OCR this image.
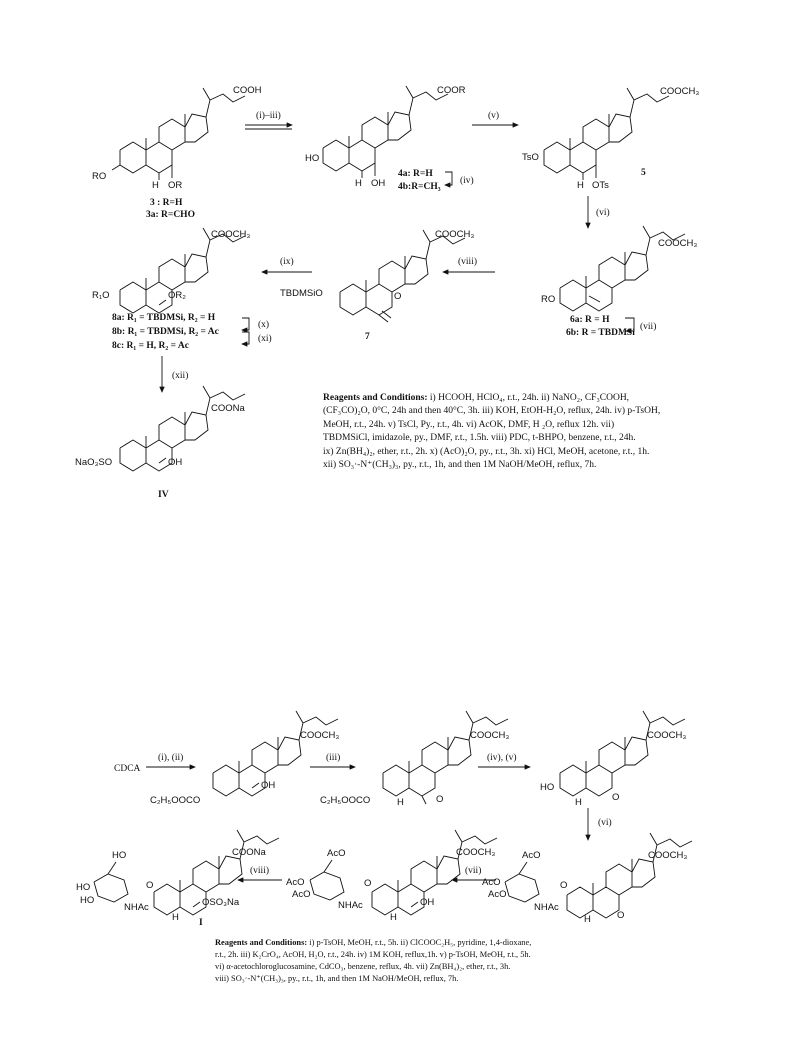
COOH
RO
H OR
3 : R=H
3a: R=CHO
(i)–iii)
COOR
HO
H OH
4a: R=H
4b:R=CH₃
(iv)
(v)
COOCH₃
TsO
H OTs
5
(vi)
COOCH₃
RO
6a: R = H
6b: R = TBDMSi
(vii)
(viii)
COOCH₃
TBDMSiO	O
7
(ix)
COOCH₃
R₁O	OR₂
8a: R₁ = TBDMSi, R₂ = H
8b: R₁ = TBDMSi, R₂ = Ac
8c: R₁ = H, R₂ = Ac
(x)
(xi)
(xii)
COONa
NaO₃SO	OH
IV
CDCA
(i), (ii)
COOCH₃
C₂H₅OOCO
OH
(iii)
COOCH₃
C₂H₅OOCO	H	O
(iv), (v)
COOCH₃
HO
H	O
(vi)
COOCH₃
AcO
AcO
AcO
NHAc
O
H	O
(vii)
COOCH₃
AcO
AcO
AcO
NHAc
O
H
OH
(viii)
COONa
HO
HO
HO
NHAc
O
H
OSO₃Na
I
Reagents and Conditions: i) HCOOH, HClO₄, r.t., 24h. ii) NaNO₂, CF₃COOH,
(CF₃CO)₂O, 0°C, 24h and then 40°C, 3h. iii) KOH, EtOH-H₂O, reflux, 24h. iv) p-TsOH,
MeOH, r.t., 24h. v) TsCl, Py., r.t., 4h. vi) AcOK, DMF, H ₂O, reflux 12h. vii)
TBDMSiCl, imidazole, py., DMF, r.t., 1.5h. viii) PDC, t-BHPO, benzene, r.t., 24h.
ix) Zn(BH₄)₂, ether, r.t., 2h. x) (AcO)₂O, py., r.t., 3h. xi) HCl, MeOH, acetone, r.t., 1h.
xii) SO₃·-N⁺(CH₃)₃, py., r.t., 1h, and then 1M NaOH/MeOH, reflux, 7h.
Reagents and Conditions: i) p-TsOH, MeOH, r.t., 5h. ii) ClCOOC₂H₅, pyridine, 1,4-dioxane,
r.t., 2h. iii) K₂CrO₄, AcOH, H₂O, r.t., 24h. iv) 1M KOH, reflux,1h. v) p-TsOH, MeOH, r.t., 5h.
vi) α-acetochloroglucosamine, CdCO₃, benzene, reflux, 4h. vii) Zn(BH₄)₂, ether, r.t., 3h.
viii) SO₃·-N⁺(CH₃)₃, py., r.t., 1h, and then 1M NaOH/MeOH, reflux, 7h.
